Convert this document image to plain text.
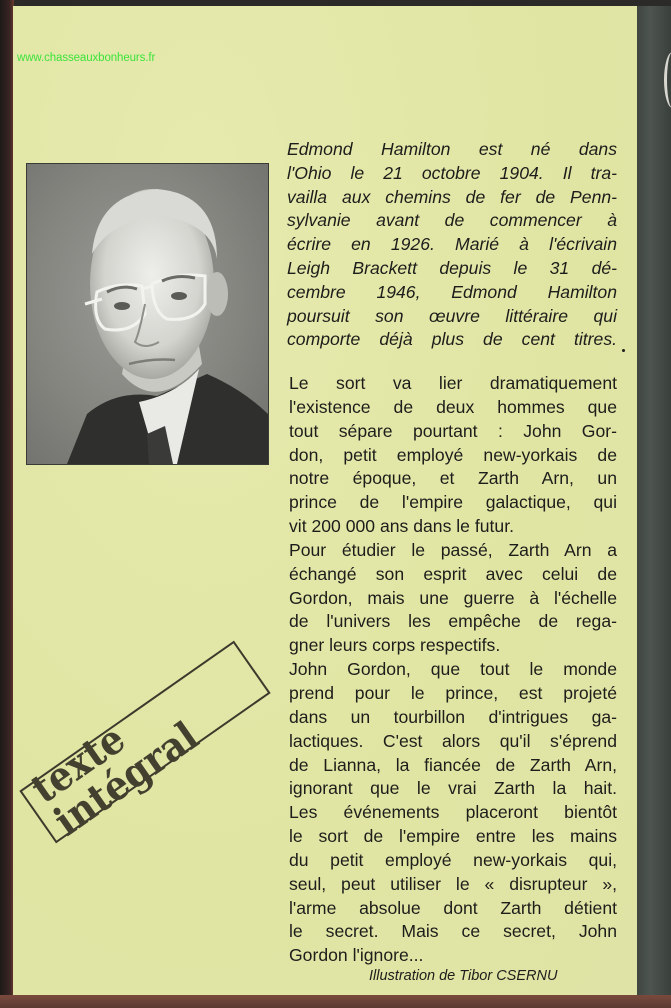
www.chasseauxbonheurs.fr
Edmond Hamilton est né dans
l'Ohio le 21 octobre 1904. Il tra-
vailla aux chemins de fer de Penn-
sylvanie avant de commencer à
écrire en 1926. Marié à l'écrivain
Leigh Brackett depuis le 31 dé-
cembre 1946, Edmond Hamilton
poursuit son œuvre littéraire qui
comporte déjà plus de cent titres.
Le sort va lier dramatiquement
l'existence de deux hommes que
tout sépare pourtant : John Gor-
don, petit employé new-yorkais de
notre époque, et Zarth Arn, un
prince de l'empire galactique, qui
vit 200 000 ans dans le futur.
Pour étudier le passé, Zarth Arn a
échangé son esprit avec celui de
Gordon, mais une guerre à l'échelle
de l'univers les empêche de rega-
gner leurs corps respectifs.
John Gordon, que tout le monde
prend pour le prince, est projeté
dans un tourbillon d'intrigues ga-
lactiques. C'est alors qu'il s'éprend
de Lianna, la fiancée de Zarth Arn,
ignorant que le vrai Zarth la hait.
Les événements placeront bientôt
le sort de l'empire entre les mains
du petit employé new-yorkais qui,
seul, peut utiliser le « disrupteur »,
l'arme absolue dont Zarth détient
le secret. Mais ce secret, John
Gordon l'ignore...
texte intégral
Illustration de Tibor CSERNU
